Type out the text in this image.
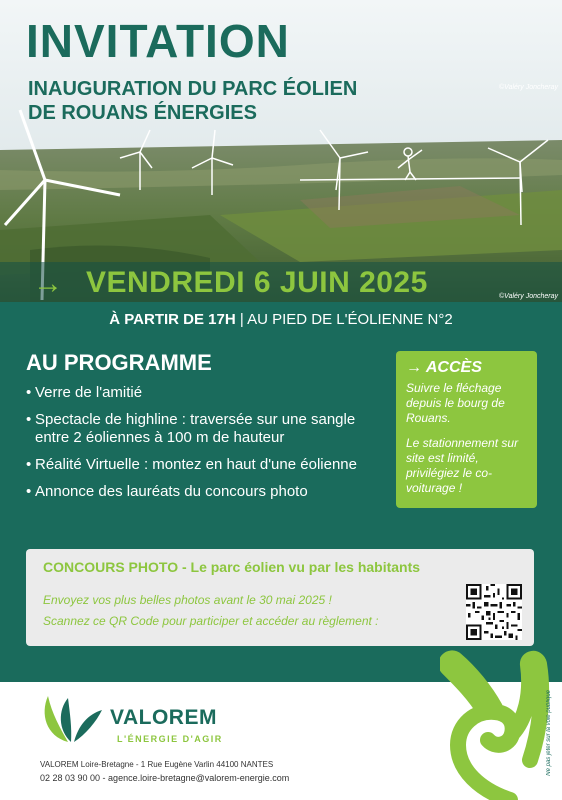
INVITATION
INAUGURATION DU PARC ÉOLIEN
DE ROUANS ÉNERGIES
©Valéry Joncheray
→ VENDREDI 6 JUIN 2025	©Valéry Joncheray
À PARTIR DE 17H | AU PIED DE L'ÉOLIENNE N°2
AU PROGRAMME
• Verre de l'amitié
• Spectacle de highline : traversée sur une sangle entre 2 éoliennes à 100 m de hauteur
• Réalité Virtuelle : montez en haut d'une éolienne
• Annonce des lauréats du concours photo
→ ACCÈS

Suivre le fléchage depuis le bourg de Rouans.

Le stationnement sur site est limité, privilégiez le co-voiturage !

CONCOURS PHOTO - Le parc éolien vu par les habitants
Envoyez vos plus belles photos avant le 30 mai 2025 !
Scannez ce QR Code pour participer et accéder au règlement :
VALOREM
L'ÉNERGIE D'AGIR
VALOREM Loire-Bretagne - 1 Rue Eugène Varlin 44100 NANTES
02 28 03 90 00 - agence.loire-bretagne@valorem-energie.com
Ne pas jeter sur la voie publique
